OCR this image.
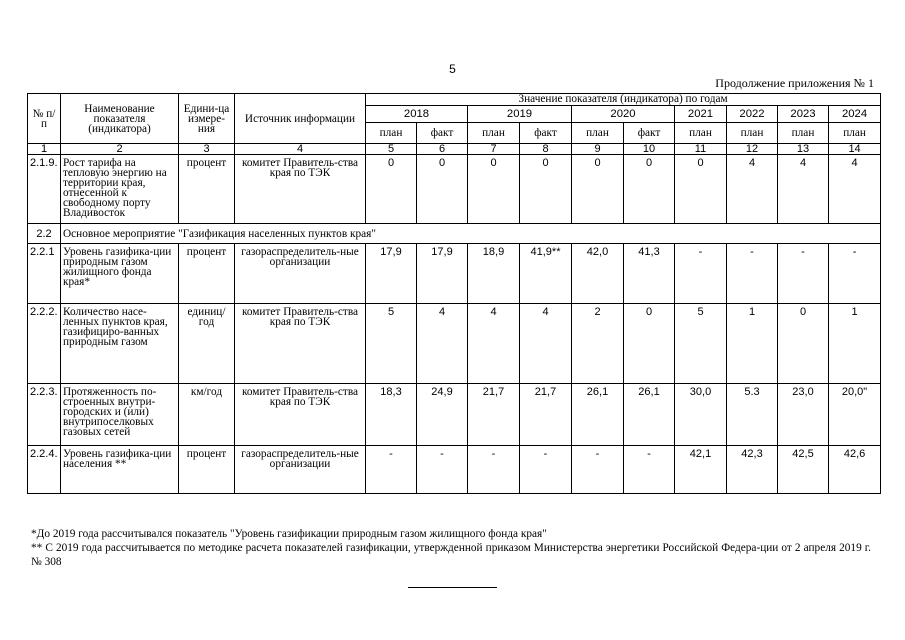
5
Продолжение приложения № 1
№ п/п	Наименование показателя (индикатора)	Едини-ца измере-ния	Источник информации	Значение показателя (индикатора) по годам									
				2018		2019		2020		2021	2022	2023	2024
				план	факт	план	факт	план	факт	план	план	план	план
1	2	3	4	5	6	7	8	9	10	11	12	13	14
2.1.9.	Рост тарифа на тепловую энергию на территории края, отнесенной к свободному порту Владивосток	процент	комитет Правитель-ства края по ТЭК	0	0	0	0	0	0	0	4	4	4
2.2	Основное мероприятие "Газификация населенных пунктов края"												
2.2.1	Уровень газифика-ции природным газом жилищного фонда края*	процент	газораспределитель-ные организации	17,9	17,9	18,9	41,9**	42,0	41,3	-	-	-	-
2.2.2.	Количество насе-ленных пунктов края, газифициро-ванных природным газом	единиц/ год	комитет Правитель-ства края по ТЭК	5	4	4	4	2	0	5	1	0	1
2.2.3.	Протяженность по-строенных внутри-городских и (или) внутрипоселковых газовых сетей	км/год	комитет Правитель-ства края по ТЭК	18,3	24,9	21,7	21,7	26,1	26,1	30,0	5.3	23,0	20,0"
2.2.4.	Уровень газифика-ции населения **	процент	газораспределитель-ные организации	-	-	-	-	-	-	42,1	42,3	42,5	42,6
*До 2019 года рассчитывался показатель "Уровень газификации природным газом жилищного фонда края"
** С 2019 года рассчитывается по методике расчета показателей газификации, утвержденной приказом Министерства энергетики Российской Федера-ции от 2 апреля 2019 г. № 308
